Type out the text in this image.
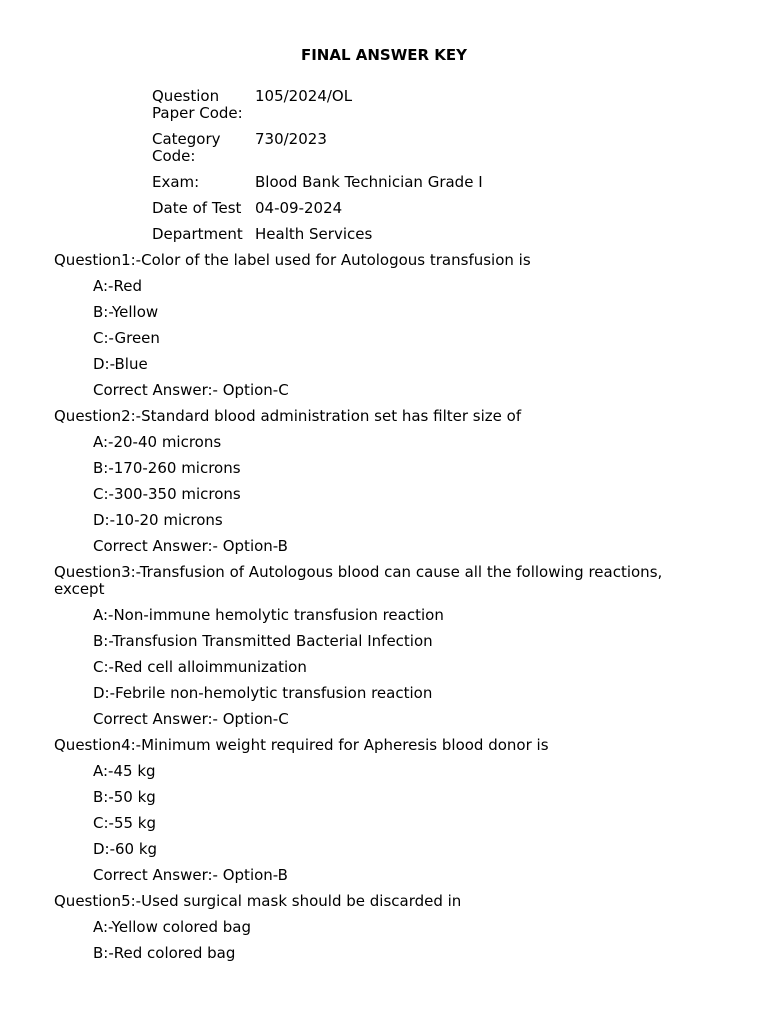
FINAL ANSWER KEY
Question Paper Code:	105/2024/OL
Category Code:	730/2023
Exam:	Blood Bank Technician Grade I
Date of Test	04-09-2024
Department	Health Services
Question1:-Color of the label used for Autologous transfusion is
A:-Red
B:-Yellow
C:-Green
D:-Blue
Correct Answer:- Option-C
Question2:-Standard blood administration set has filter size of
A:-20-40 microns
B:-170-260 microns
C:-300-350 microns
D:-10-20 microns
Correct Answer:- Option-B
Question3:-Transfusion of Autologous blood can cause all the following reactions, except
A:-Non-immune hemolytic transfusion reaction
B:-Transfusion Transmitted Bacterial Infection
C:-Red cell alloimmunization
D:-Febrile non-hemolytic transfusion reaction
Correct Answer:- Option-C
Question4:-Minimum weight required for Apheresis blood donor is
A:-45 kg
B:-50 kg
C:-55 kg
D:-60 kg
Correct Answer:- Option-B
Question5:-Used surgical mask should be discarded in
A:-Yellow colored bag
B:-Red colored bag
